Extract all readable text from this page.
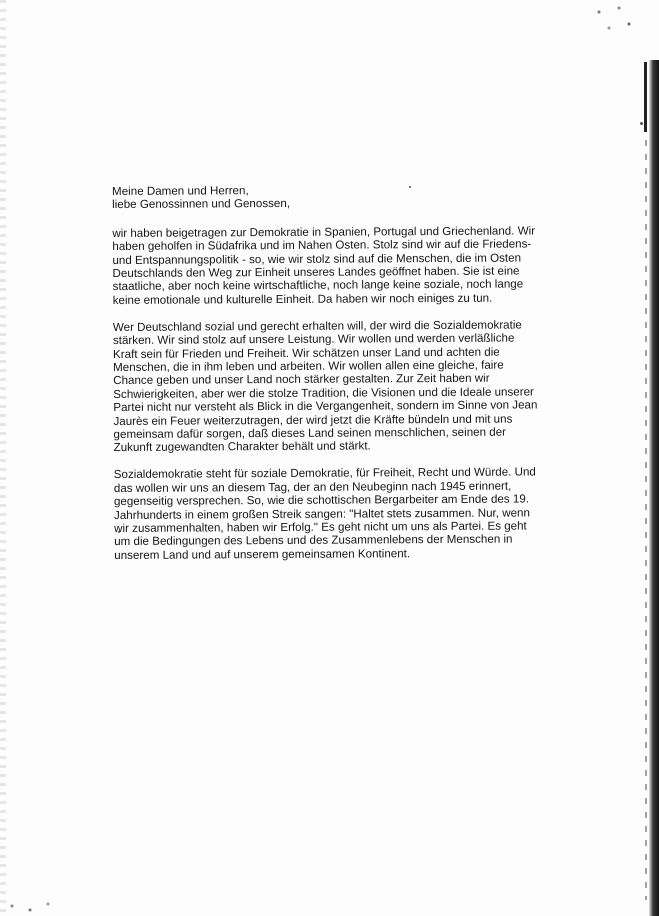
Meine Damen und Herren,

liebe Genossinnen und Genossen,

wir haben beigetragen zur Demokratie in Spanien, Portugal und Griechenland. Wir
haben geholfen in Südafrika und im Nahen Osten. Stolz sind wir auf die Friedens-
und Entspannungspolitik - so, wie wir stolz sind auf die Menschen, die im Osten
Deutschlands den Weg zur Einheit unseres Landes geöffnet haben. Sie ist eine
staatliche, aber noch keine wirtschaftliche, noch lange keine soziale, noch lange
keine emotionale und kulturelle Einheit. Da haben wir noch einiges zu tun.
Wer Deutschland sozial und gerecht erhalten will, der wird die Sozialdemokratie
stärken. Wir sind stolz auf unsere Leistung. Wir wollen und werden verläßliche
Kraft sein für Frieden und Freiheit. Wir schätzen unser Land und achten die
Menschen, die in ihm leben und arbeiten. Wir wollen allen eine gleiche, faire
Chance geben und unser Land noch stärker gestalten. Zur Zeit haben wir
Schwierigkeiten, aber wer die stolze Tradition, die Visionen und die Ideale unserer
Partei nicht nur versteht als Blick in die Vergangenheit, sondern im Sinne von Jean
Jaurès ein Feuer weiterzutragen, der wird jetzt die Kräfte bündeln und mit uns
gemeinsam dafür sorgen, daß dieses Land seinen menschlichen, seinen der
Zukunft zugewandten Charakter behält und stärkt.
Sozialdemokratie steht für soziale Demokratie, für Freiheit, Recht und Würde. Und
das wollen wir uns an diesem Tag, der an den Neubeginn nach 1945 erinnert,
gegenseitig versprechen. So, wie die schottischen Bergarbeiter am Ende des 19.
Jahrhunderts in einem großen Streik sangen: "Haltet stets zusammen. Nur, wenn
wir zusammenhalten, haben wir Erfolg." Es geht nicht um uns als Partei. Es geht
um die Bedingungen des Lebens und des Zusammenlebens der Menschen in
unserem Land und auf unserem gemeinsamen Kontinent.
